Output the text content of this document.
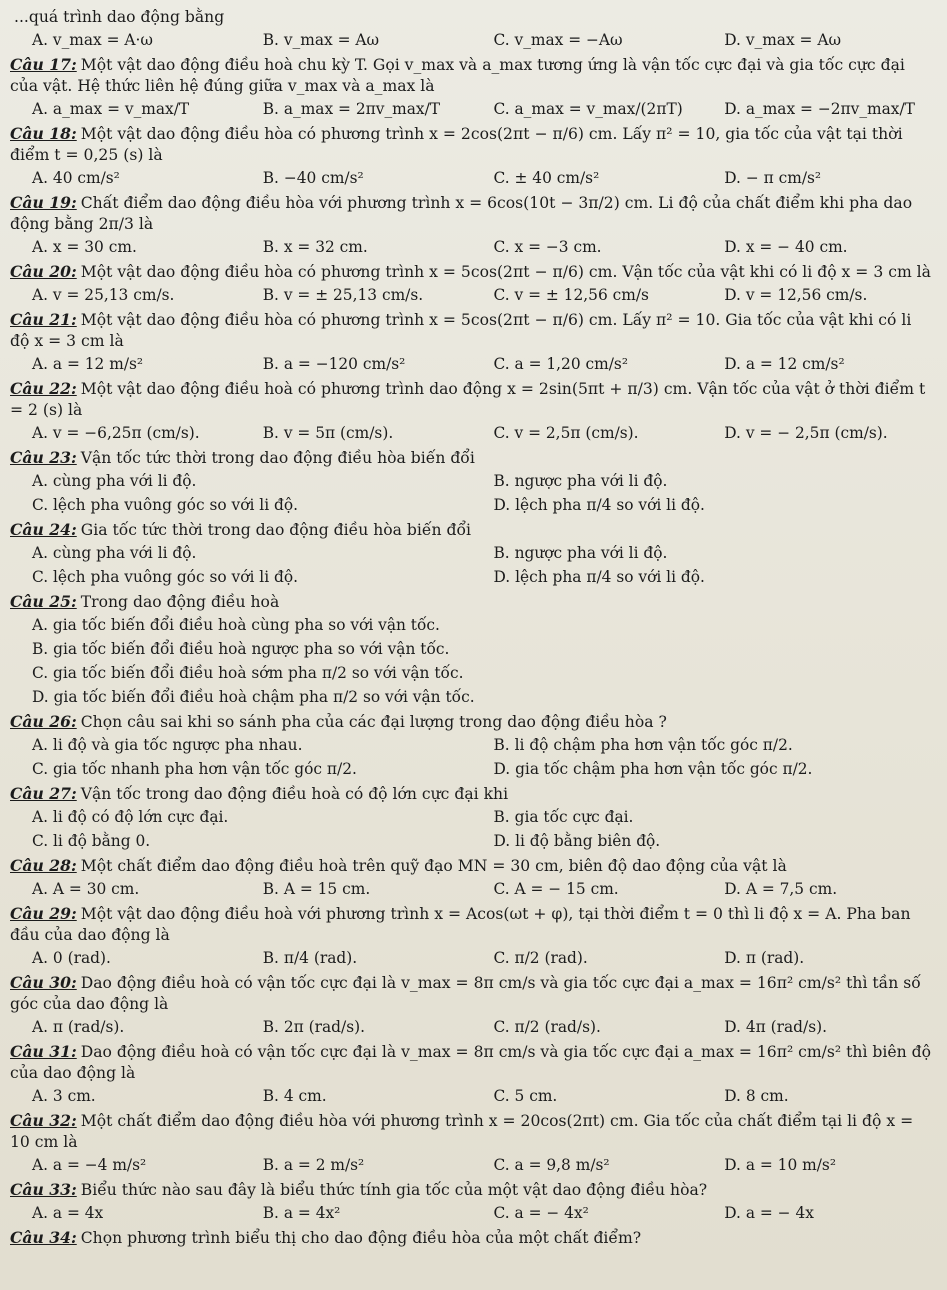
...quá trình dao động bằng

A. v_max = A·ω	B. v_max = Aω	C. v_max = −Aω	D. v_max = Aω

Câu 17: Một vật dao động điều hoà chu kỳ T. Gọi v_max và a_max tương ứng là vận tốc cực đại và gia tốc cực đại của vật. Hệ thức liên hệ đúng giữa v_max và a_max là

A. a_max = v_max/T	B. a_max = 2πv_max/T	C. a_max = v_max/(2πT)	D. a_max = −2πv_max/T

Câu 18: Một vật dao động điều hòa có phương trình x = 2cos(2πt − π/6) cm. Lấy π² = 10, gia tốc của vật tại thời điểm t = 0,25 (s) là

A. 40 cm/s²	B. −40 cm/s²	C. ± 40 cm/s²	D. − π cm/s²

Câu 19: Chất điểm dao động điều hòa với phương trình x = 6cos(10t − 3π/2) cm. Li độ của chất điểm khi pha dao động bằng 2π/3 là

A. x = 30 cm.	B. x = 32 cm.	C. x = −3 cm.	D. x = − 40 cm.

Câu 20: Một vật dao động điều hòa có phương trình x = 5cos(2πt − π/6) cm. Vận tốc của vật khi có li độ x = 3 cm là

A. v = 25,13 cm/s.	B. v = ± 25,13 cm/s.	C. v = ± 12,56 cm/s	D. v = 12,56 cm/s.

Câu 21: Một vật dao động điều hòa có phương trình x = 5cos(2πt − π/6) cm. Lấy π² = 10. Gia tốc của vật khi có li độ x = 3 cm là

A. a = 12 m/s²	B. a = −120 cm/s²	C. a = 1,20 cm/s²	D. a = 12 cm/s²

Câu 22: Một vật dao động điều hoà có phương trình dao động x = 2sin(5πt + π/3) cm. Vận tốc của vật ở thời điểm t = 2 (s) là

A. v = −6,25π (cm/s).	B. v = 5π (cm/s).	C. v = 2,5π (cm/s).	D. v = − 2,5π (cm/s).

Câu 23: Vận tốc tức thời trong dao động điều hòa biến đổi

A. cùng pha với li độ.	B. ngược pha với li độ.
C. lệch pha vuông góc so với li độ.	D. lệch pha π/4 so với li độ.

Câu 24: Gia tốc tức thời trong dao động điều hòa biến đổi

A. cùng pha với li độ.	B. ngược pha với li độ.
C. lệch pha vuông góc so với li độ.	D. lệch pha π/4 so với li độ.

Câu 25: Trong dao động điều hoà

A. gia tốc biến đổi điều hoà cùng pha so với vận tốc.
B. gia tốc biến đổi điều hoà ngược pha so với vận tốc.
C. gia tốc biến đổi điều hoà sớm pha π/2 so với vận tốc.
D. gia tốc biến đổi điều hoà chậm pha π/2 so với vận tốc.

Câu 26: Chọn câu sai khi so sánh pha của các đại lượng trong dao động điều hòa ?

A. li độ và gia tốc ngược pha nhau.	B. li độ chậm pha hơn vận tốc góc π/2.
C. gia tốc nhanh pha hơn vận tốc góc π/2.	D. gia tốc chậm pha hơn vận tốc góc π/2.

Câu 27: Vận tốc trong dao động điều hoà có độ lớn cực đại khi

A. li độ có độ lớn cực đại.	B. gia tốc cực đại.
C. li độ bằng 0.	D. li độ bằng biên độ.

Câu 28: Một chất điểm dao động điều hoà trên quỹ đạo MN = 30 cm, biên độ dao động của vật là

A. A = 30 cm.	B. A = 15 cm.	C. A = − 15 cm.	D. A = 7,5 cm.

Câu 29: Một vật dao động điều hoà với phương trình x = Acos(ωt + φ), tại thời điểm t = 0 thì li độ x = A. Pha ban đầu của dao động là

A. 0 (rad).	B. π/4 (rad).	C. π/2 (rad).	D. π (rad).

Câu 30: Dao động điều hoà có vận tốc cực đại là v_max = 8π cm/s và gia tốc cực đại a_max = 16π² cm/s² thì tần số góc của dao động là

A. π (rad/s).	B. 2π (rad/s).	C. π/2 (rad/s).	D. 4π (rad/s).

Câu 31: Dao động điều hoà có vận tốc cực đại là v_max = 8π cm/s và gia tốc cực đại a_max = 16π² cm/s² thì biên độ của dao động là

A. 3 cm.	B. 4 cm.	C. 5 cm.	D. 8 cm.

Câu 32: Một chất điểm dao động điều hòa với phương trình x = 20cos(2πt) cm. Gia tốc của chất điểm tại li độ x = 10 cm là

A. a = −4 m/s²	B. a = 2 m/s²	C. a = 9,8 m/s²	D. a = 10 m/s²

Câu 33: Biểu thức nào sau đây là biểu thức tính gia tốc của một vật dao động điều hòa?

A. a = 4x	B. a = 4x²	C. a = − 4x²	D. a = − 4x

Câu 34: Chọn phương trình biểu thị cho dao động điều hòa của một chất điểm?
